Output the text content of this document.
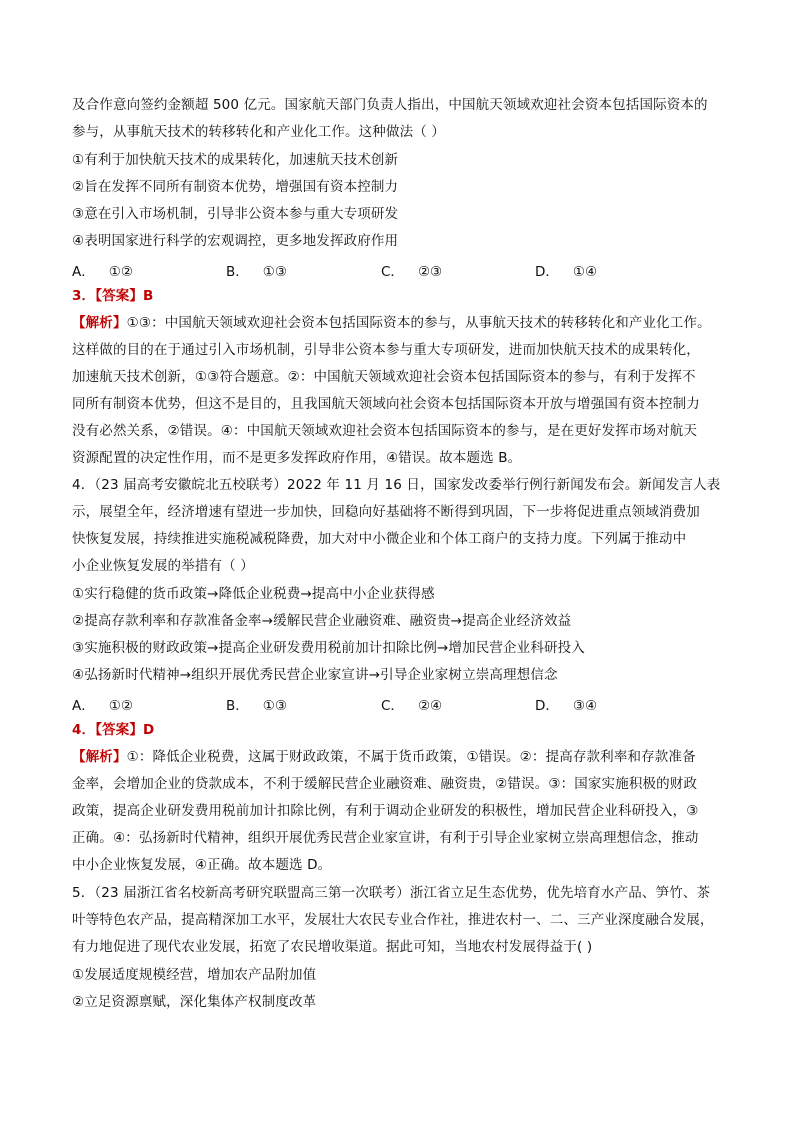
及合作意向签约金额超 500 亿元。国家航天部门负责人指出，中国航天领域欢迎社会资本包括国际资本的
参与，从事航天技术的转移转化和产业化工作。这种做法（ ）
①有利于加快航天技术的成果转化，加速航天技术创新
②旨在发挥不同所有制资本优势，增强国有资本控制力
③意在引入市场机制，引导非公资本参与重大专项研发
④表明国家进行科学的宏观调控，更多地发挥政府作用
A． ①②	B． ①③	C． ②③	D． ①④
3．【答案】B
【解析】①③：中国航天领域欢迎社会资本包括国际资本的参与，从事航天技术的转移转化和产业化工作。
这样做的目的在于通过引入市场机制，引导非公资本参与重大专项研发，进而加快航天技术的成果转化，
加速航天技术创新，①③符合题意。②：中国航天领域欢迎社会资本包括国际资本的参与，有利于发挥不
同所有制资本优势，但这不是目的，且我国航天领域向社会资本包括国际资本开放与增强国有资本控制力
没有必然关系，②错误。④：中国航天领域欢迎社会资本包括国际资本的参与，是在更好发挥市场对航天
资源配置的决定性作用，而不是更多发挥政府作用，④错误。故本题选 B。
4．（23 届高考安徽皖北五校联考）2022 年 11 月 16 日，国家发改委举行例行新闻发布会。新闻发言人表
示，展望全年，经济增速有望进一步加快，回稳向好基础将不断得到巩固，下一步将促进重点领域消费加
快恢复发展，持续推进实施税减税降费，加大对中小微企业和个体工商户的支持力度。下列属于推动中
小企业恢复发展的举措有（ ）
①实行稳健的货币政策→降低企业税费→提高中小企业获得感
②提高存款利率和存款准备金率→缓解民营企业融资难、融资贵→提高企业经济效益
③实施积极的财政政策→提高企业研发费用税前加计扣除比例→增加民营企业科研投入
④弘扬新时代精神→组织开展优秀民营企业家宣讲→引导企业家树立崇高理想信念
A． ①②	B． ①③	C． ②④	D． ③④
4．【答案】D
【解析】①：降低企业税费，这属于财政政策，不属于货币政策，①错误。②：提高存款利率和存款准备
金率，会增加企业的贷款成本，不利于缓解民营企业融资难、融资贵，②错误。③：国家实施积极的财政
政策，提高企业研发费用税前加计扣除比例，有利于调动企业研发的积极性，增加民营企业科研投入，③
正确。④：弘扬新时代精神，组织开展优秀民营企业家宣讲，有利于引导企业家树立崇高理想信念，推动
中小企业恢复发展，④正确。故本题选 D。
5．（23 届浙江省名校新高考研究联盟高三第一次联考）浙江省立足生态优势，优先培育水产品、笋竹、茶
叶等特色农产品，提高精深加工水平，发展壮大农民专业合作社，推进农村一、二、三产业深度融合发展，
有力地促进了现代农业发展，拓宽了农民增收渠道。据此可知，当地农村发展得益于( )
①发展适度规模经营，增加农产品附加值
②立足资源禀赋，深化集体产权制度改革
